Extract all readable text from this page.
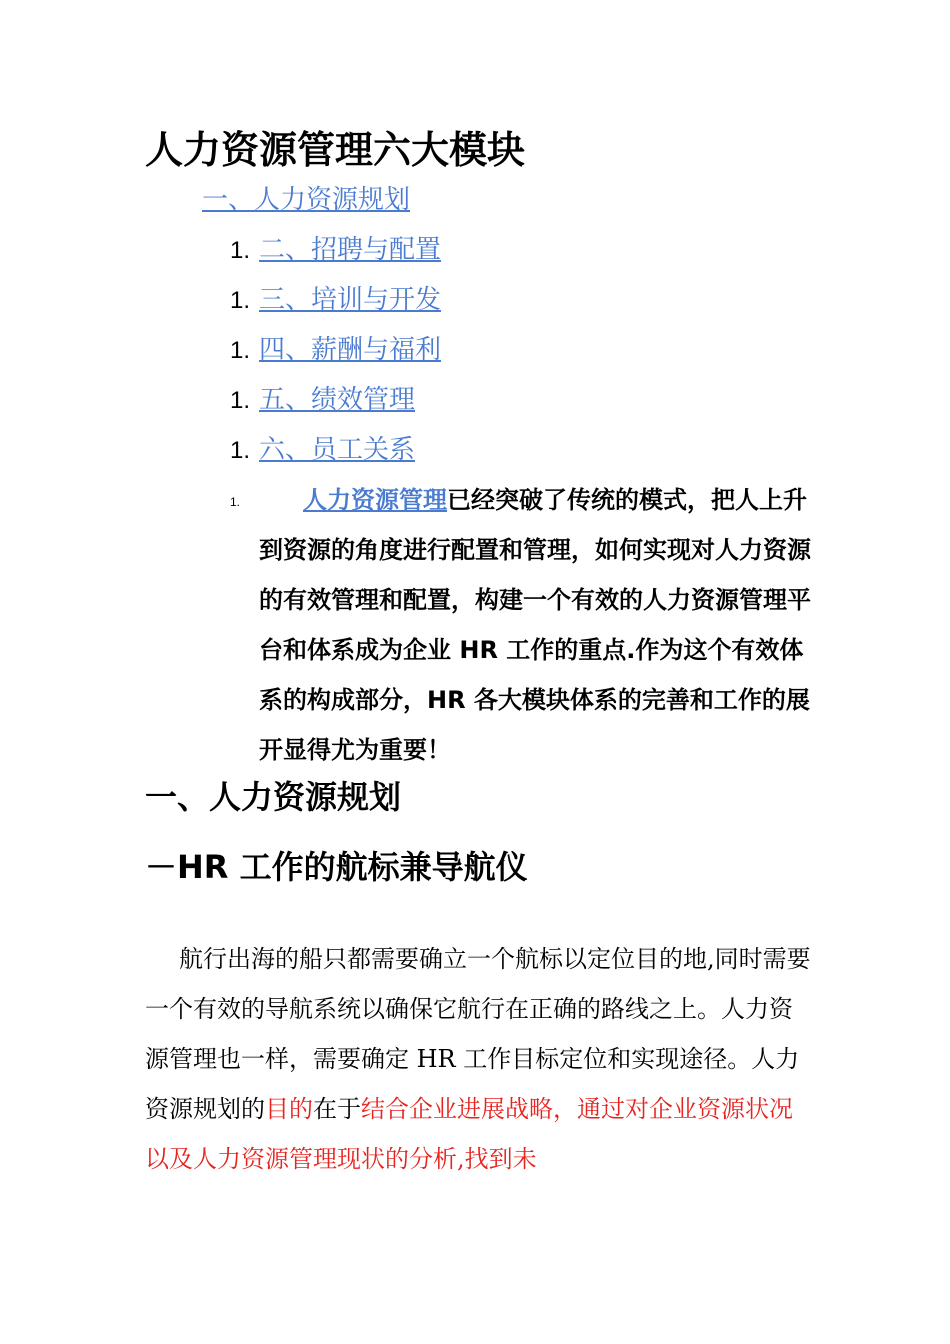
人力资源管理六大模块
一、人力资源规划
1. 二、招聘与配置
1. 三、培训与开发
1. 四、薪酬与福利
1. 五、绩效管理
1. 六、员工关系
1.	人力资源管理已经突破了传统的模式，把人上升到资源的角度进行配置和管理，如何实现对人力资源的有效管理和配置，构建一个有效的人力资源管理平台和体系成为企业 HR 工作的重点.作为这个有效体系的构成部分，HR 各大模块体系的完善和工作的展开显得尤为重要！
一、人力资源规划
－HR 工作的航标兼导航仪
航行出海的船只都需要确立一个航标以定位目的地,同时需要一个有效的导航系统以确保它航行在正确的路线之上。人力资源管理也一样，需要确定 HR 工作目标定位和实现途径。人力资源规划的目的在于结合企业进展战略，通过对企业资源状况以及人力资源管理现状的分析,找到未
